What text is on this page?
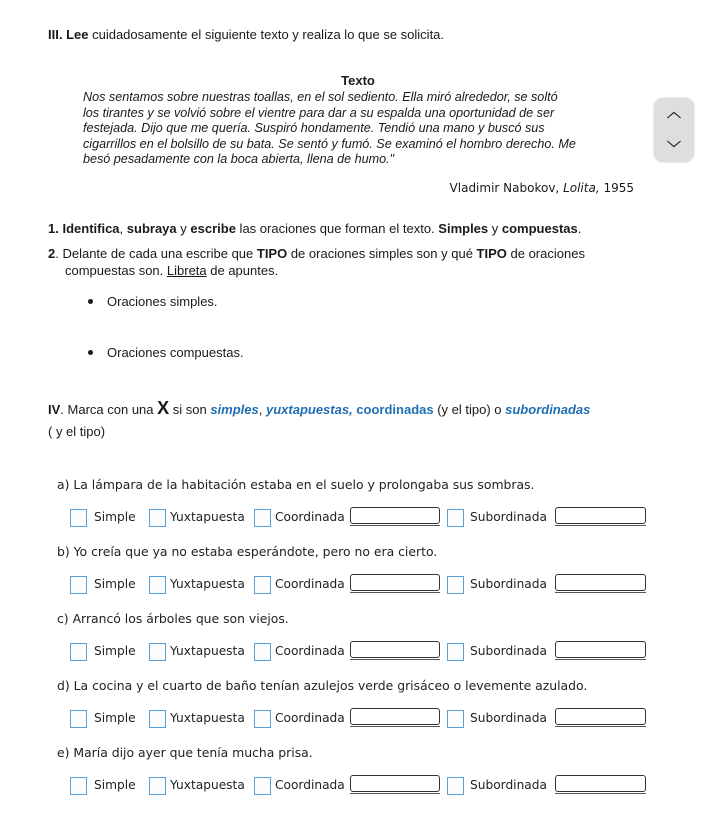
III. Lee cuidadosamente el siguiente texto y realiza lo que se solicita.
Texto
Nos sentamos sobre nuestras toallas, en el sol sediento. Ella miró alrededor, se soltó
los tirantes y se volvió sobre el vientre para dar a su espalda una oportunidad de ser
festejada. Dijo que me quería. Suspiró hondamente. Tendió una mano y buscó sus
cigarrillos en el bolsillo de su bata. Se sentó y fumó. Se examinó el hombro derecho. Me
besó pesadamente con la boca abierta, llena de humo."
︿
﹀
Vladimir Nabokov, Lolita, 1955
1. Identifica, subraya y escribe las oraciones que forman el texto. Simples y compuestas.
2. Delante de cada una escribe que TIPO de oraciones simples son y qué TIPO de oraciones
compuestas son. Libreta de apuntes.
Oraciones simples.
Oraciones compuestas.
IV. Marca con una X si son simples, yuxtapuestas, coordinadas (y el tipo) o subordinadas
( y el tipo)
a) La lámpara de la habitación estaba en el suelo y prolongaba sus sombras.
Simple	Yuxtapuesta Coordinada	Subordinada
b) Yo creía que ya no estaba esperándote, pero no era cierto.
Simple	Yuxtapuesta Coordinada	Subordinada
c) Arrancó los árboles que son viejos.
Simple	Yuxtapuesta Coordinada	Subordinada
d) La cocina y el cuarto de baño tenían azulejos verde grisáceo o levemente azulado.
Simple	Yuxtapuesta Coordinada	Subordinada
e) María dijo ayer que tenía mucha prisa.
Simple	Yuxtapuesta Coordinada	Subordinada
